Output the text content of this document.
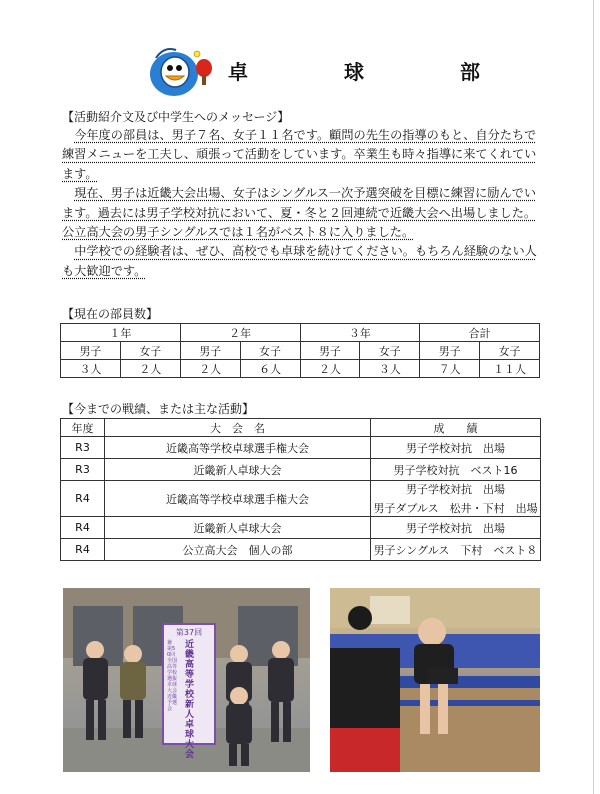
卓　球　部
【活動紹介文及び中学生へのメッセージ】

今年度の部員は、男子７名、女子１１名です。顧問の先生の指導のもと、自分たちで練習メニューを工夫し、頑張って活動をしています。卒業生も時々指導に来てくれています。

現在、男子は近畿大会出場、女子はシングルス一次予選突破を目標に練習に励んでいます。過去には男子学校対抗において、夏・冬と２回連続で近畿大会へ出場しました。公立高大会の男子シングルスでは１名がベスト８に入りました。

中学校での経験者は、ぜひ、高校でも卓球を続けてください。もちろん経験のない人も大歓迎です。

【現在の部員数】
１年		２年		３年		合計	
男子	女子	男子	女子	男子	女子	男子	女子
３人	２人	２人	６人	２人	３人	７人	１１人
【今までの戦績、または主な活動】
年度	大　会　名	成　　績
R3	近畿高等学校卓球選手権大会	男子学校対抗　出場
R3	近畿新人卓球大会	男子学校対抗　ベスト16
R4	近畿高等学校卓球選手権大会	男子学校対抗　出場
男子ダブルス　松井・下村　出場

R4	近畿新人卓球大会	男子学校対抗　出場
R4	公立高大会　個人の部	男子シングルス　下村　ベスト８
第37回
近畿高等学校新人卓球大会
兼 第50回全国高等学校選抜卓球大会近畿予選会
